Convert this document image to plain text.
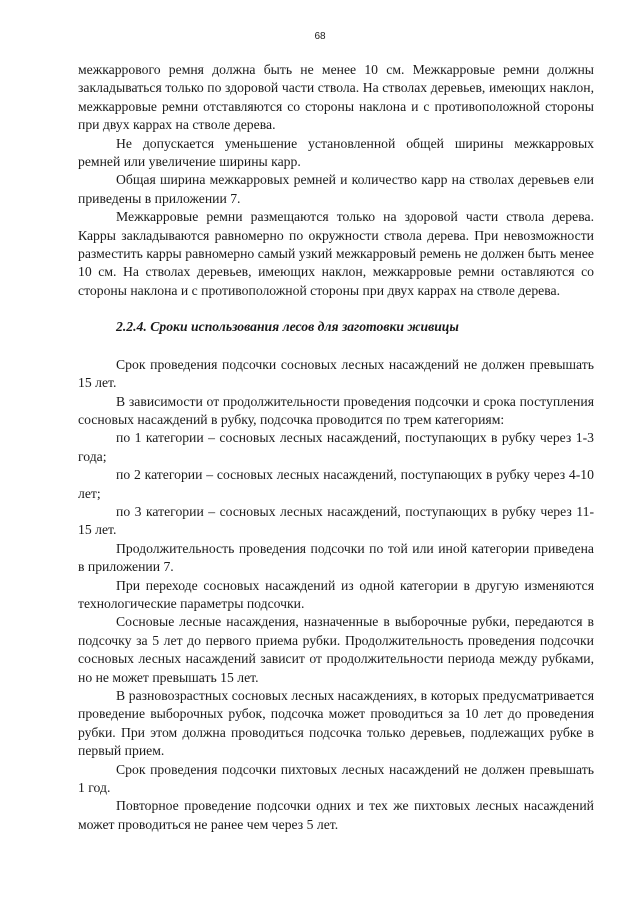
68

межкаррового ремня должна быть не менее 10 см. Межкарровые ремни должны закладываться только по здоровой части ствола. На стволах деревьев, имеющих наклон, межкарровые ремни отставляются со стороны наклона и с противоположной стороны при двух каррах на стволе дерева.

Не допускается уменьшение установленной общей ширины межкарровых ремней или увеличение ширины карр.

Общая ширина межкарровых ремней и количество карр на стволах деревьев ели приведены в приложении 7.

Межкарровые ремни размещаются только на здоровой части ствола дерева. Карры закладываются равномерно по окружности ствола дерева. При невозможности разместить карры равномерно самый узкий межкарровый ремень не должен быть менее 10 см. На стволах деревьев, имеющих наклон, межкарровые ремни оставляются со стороны наклона и с противоположной стороны при двух каррах на стволе дерева.

2.2.4. Сроки использования лесов для заготовки живицы

Срок проведения подсочки сосновых лесных насаждений не должен превышать 15 лет.

В зависимости от продолжительности проведения подсочки и срока поступления сосновых насаждений в рубку, подсочка проводится по трем категориям:

по 1 категории – сосновых лесных насаждений, поступающих в рубку через 1-3 года;

по 2 категории – сосновых лесных насаждений, поступающих в рубку через 4-10 лет;

по 3 категории – сосновых лесных насаждений, поступающих в рубку через 11-15 лет.

Продолжительность проведения подсочки по той или иной категории приведена в приложении 7.

При переходе сосновых насаждений из одной категории в другую изменяются технологические параметры подсочки.

Сосновые лесные насаждения, назначенные в выборочные рубки, передаются в подсочку за 5 лет до первого приема рубки. Продолжительность проведения подсочки сосновых лесных насаждений зависит от продолжительности периода между рубками, но не может превышать 15 лет.

В разновозрастных сосновых лесных насаждениях, в которых предусматривается проведение выборочных рубок, подсочка может проводиться за 10 лет до проведения рубки. При этом должна проводиться подсочка только деревьев, подлежащих рубке в первый прием.

Срок проведения подсочки пихтовых лесных насаждений не должен превышать 1 год.

Повторное проведение подсочки одних и тех же пихтовых лесных насаждений может проводиться не ранее чем через 5 лет.
